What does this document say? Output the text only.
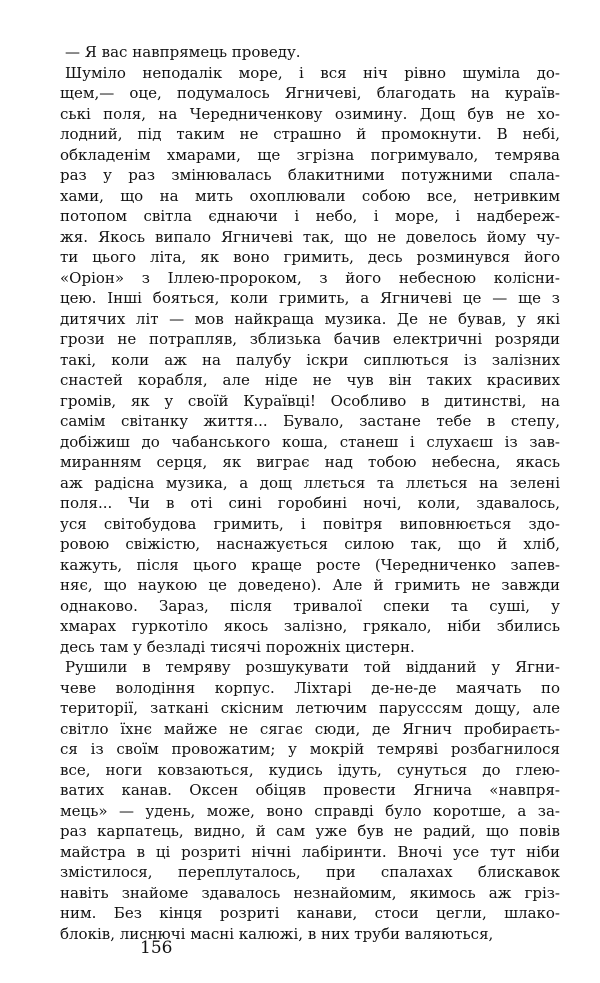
— Я вас навпрямець проведу.
Шуміло неподалік море, і вся ніч рівно шуміла до-
щем,— оце, подумалось Ягничеві, благодать на кураїв-
ські поля, на Чередниченкову озимину. Дощ був не хо-
лодний, під таким не страшно й промокнути. В небі,
обкладенім хмарами, ще згрізна погримувало, темрява
раз у раз змінювалась блакитними потужними спала-
хами, що на мить охоплювали собою все, нетривким
потопом світла єднаючи і небо, і море, і надбереж-
жя. Якось випало Ягничеві так, що не довелось йому чу-
ти цього літа, як воно гримить, десь розминувся його
«Оріон» з Іллею-пророком, з його небесною колісни-
цею. Інші бояться, коли гримить, а Ягничеві це — ще з
дитячих літ — мов найкраща музика. Де не бував, у якi
грози не потрапляв, зблизька бачив електричні розряди
такі, коли аж на палубу іскри сиплються із залізних
снастей корабля, але ніде не чув він таких красивих
громів, як у своїй Кураївці! Особливо в дитинстві, на
самім світанку життя... Бувало, застане тебе в степу,
добіжиш до чабанського коша, станеш і слухаєш із зав-
миранням серця, як виграє над тобою небесна, якась
аж радісна музика, а дощ ллється та ллється на зелені
поля... Чи в оті сині горобині ночі, коли, здавалось,
уся світобудова гримить, і повітря виповнюється здо-
ровою свіжістю, наснажується силою так, що й хліб,
кажуть, після цього краще росте (Чередниченко запев-
няє, що наукою це доведено). Але й гримить не завжди
однаково. Зараз, після тривалої спеки та суші, у
хмарах гуркотіло якось залізно, грякало, ніби збились
десь там у безладі тисячі порожніх цистерн.
Рушили в темряву розшукувати той відданий у Ягни-
чеве володіння корпус. Ліхтарі де-не-де маячать по
території, заткані скісним летючим парусссям дощу, але
світло їхнє майже не сягає сюди, де Ягнич пробираєть-
ся із своїм провожатим; у мокрій темряві розбагнилося
все, ноги ковзаються, кудись ідуть, сунуться до глею-
ватих канав. Оксен обіцяв провести Ягнича «навпря-
мець» — удень, може, воно справді було коротше, а за-
раз карпатець, видно, й сам уже був не радий, що повів
майстра в ці розриті нічні лабіринти. Вночі усе тут ніби
змістилося, переплуталось, при спалахах блискавок
навіть знайоме здавалось незнайомим, якимось аж грiз-
ним. Без кінця розриті канави, стоси цегли, шлако-
блоків, лиснючі масні калюжі, в них труби валяються,
156
